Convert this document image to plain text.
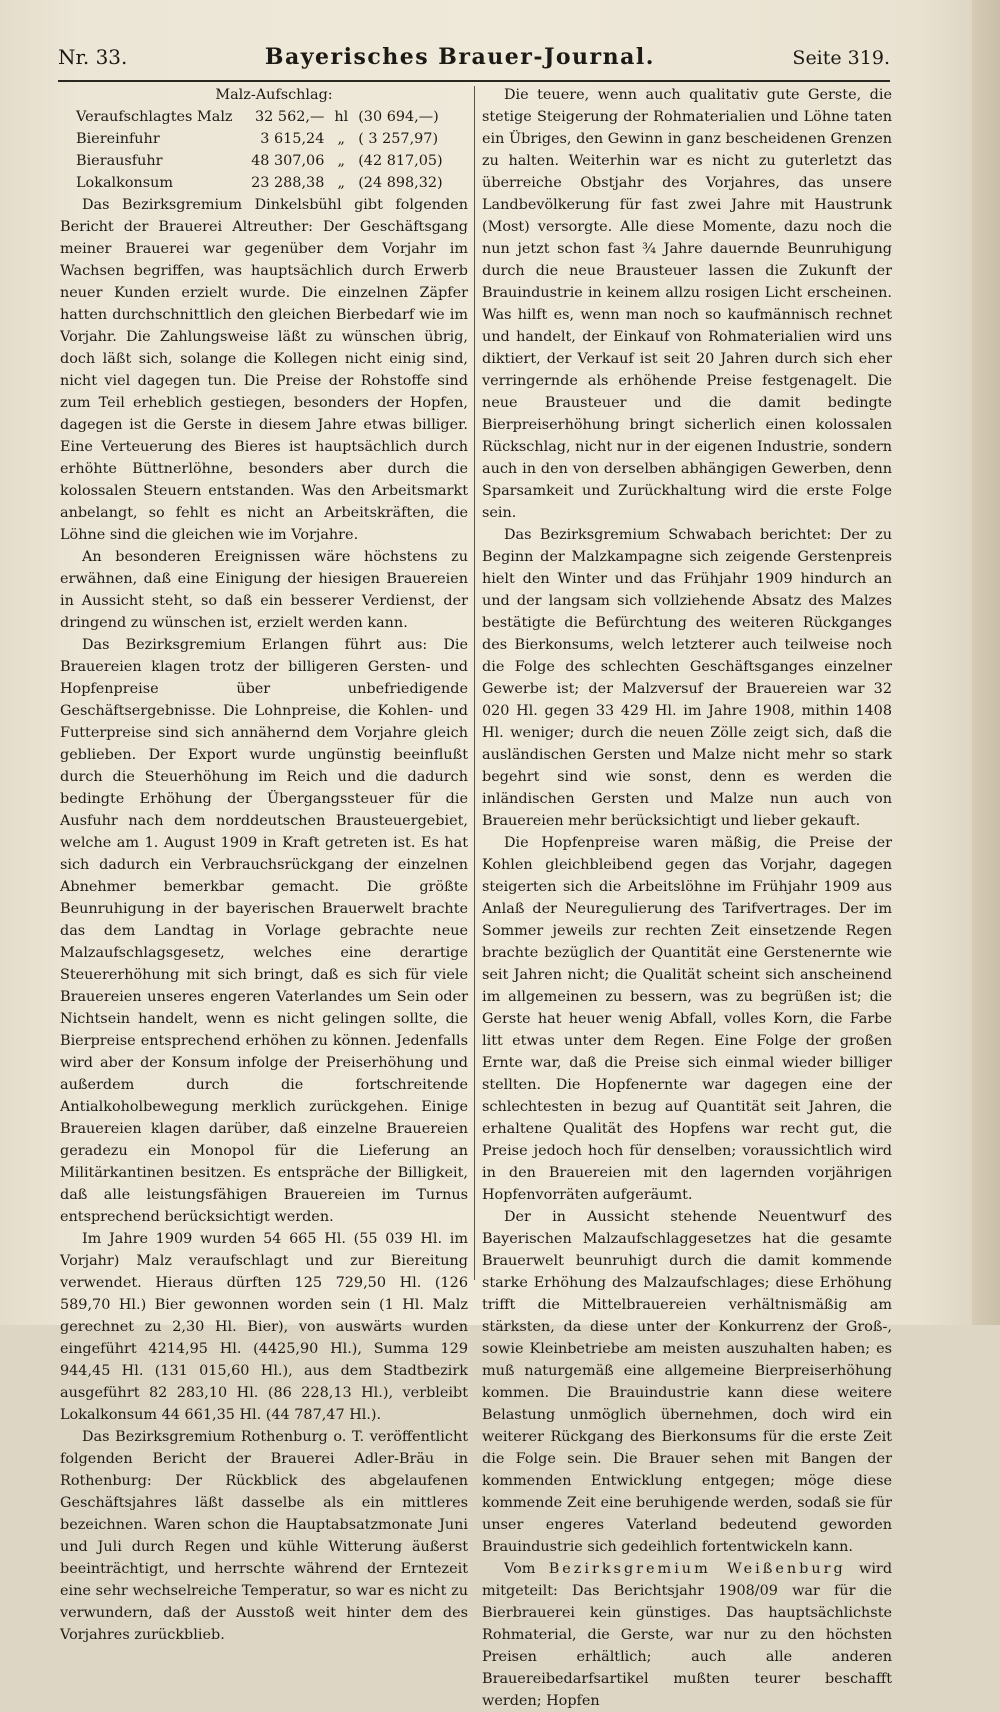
Nr. 33.	Bayerisches Brauer-Journal.	Seite 319.
Malz-Aufschlag:
Veraufschlagtes Malz	32 562,—	hl	(30 694,—)
Biereinfuhr	3 615,24	„	( 3 257,97)
Bierausfuhr	48 307,06	„	(42 817,05)
Lokalkonsum	23 288,38	„	(24 898,32)

Das Bezirksgremium Dinkelsbühl gibt folgenden Bericht der Brauerei Altreuther: Der Geschäftsgang meiner Brauerei war gegenüber dem Vorjahr im Wachsen begriffen, was hauptsächlich durch Erwerb neuer Kunden erzielt wurde. Die einzelnen Zäpfer hatten durchschnittlich den gleichen Bierbedarf wie im Vorjahr. Die Zahlungsweise läßt zu wünschen übrig, doch läßt sich, solange die Kollegen nicht einig sind, nicht viel dagegen tun. Die Preise der Rohstoffe sind zum Teil erheblich gestiegen, besonders der Hopfen, dagegen ist die Gerste in diesem Jahre etwas billiger. Eine Verteuerung des Bieres ist hauptsächlich durch erhöhte Büttnerlöhne, besonders aber durch die kolossalen Steuern entstanden. Was den Arbeitsmarkt anbelangt, so fehlt es nicht an Arbeitskräften, die Löhne sind die gleichen wie im Vorjahre.

An besonderen Ereignissen wäre höchstens zu erwähnen, daß eine Einigung der hiesigen Brauereien in Aussicht steht, so daß ein besserer Verdienst, der dringend zu wünschen ist, erzielt werden kann.

Das Bezirksgremium Erlangen führt aus: Die Brauereien klagen trotz der billigeren Gersten- und Hopfenpreise über unbefriedigende Geschäftsergebnisse. Die Lohnpreise, die Kohlen- und Futterpreise sind sich annähernd dem Vorjahre gleich geblieben. Der Export wurde ungünstig beeinflußt durch die Steuerhöhung im Reich und die dadurch bedingte Erhöhung der Übergangssteuer für die Ausfuhr nach dem norddeutschen Brausteuergebiet, welche am 1. August 1909 in Kraft getreten ist. Es hat sich dadurch ein Verbrauchsrückgang der einzelnen Abnehmer bemerkbar gemacht. Die größte Beunruhigung in der bayerischen Brauerwelt brachte das dem Landtag in Vorlage gebrachte neue Malzaufschlagsgesetz, welches eine derartige Steuererhöhung mit sich bringt, daß es sich für viele Brauereien unseres engeren Vaterlandes um Sein oder Nichtsein handelt, wenn es nicht gelingen sollte, die Bierpreise entsprechend erhöhen zu können. Jedenfalls wird aber der Konsum infolge der Preiserhöhung und außerdem durch die fortschreitende Antialkoholbewegung merklich zurückgehen. Einige Brauereien klagen darüber, daß einzelne Brauereien geradezu ein Monopol für die Lieferung an Militärkantinen besitzen. Es entspräche der Billigkeit, daß alle leistungsfähigen Brauereien im Turnus entsprechend berücksichtigt werden.

Im Jahre 1909 wurden 54 665 Hl. (55 039 Hl. im Vorjahr) Malz veraufschlagt und zur Biereitung verwendet. Hieraus dürften 125 729,50 Hl. (126 589,70 Hl.) Bier gewonnen worden sein (1 Hl. Malz gerechnet zu 2,30 Hl. Bier), von auswärts wurden eingeführt 4214,95 Hl. (4425,90 Hl.), Summa 129 944,45 Hl. (131 015,60 Hl.), aus dem Stadtbezirk ausgeführt 82 283,10 Hl. (86 228,13 Hl.), verbleibt Lokalkonsum 44 661,35 Hl. (44 787,47 Hl.).

Das Bezirksgremium Rothenburg o. T. veröffentlicht folgenden Bericht der Brauerei Adler-Bräu in Rothenburg: Der Rückblick des abgelaufenen Geschäftsjahres läßt dasselbe als ein mittleres bezeichnen. Waren schon die Hauptabsatzmonate Juni und Juli durch Regen und kühle Witterung äußerst beeinträchtigt, und herrschte während der Erntezeit eine sehr wechselreiche Temperatur, so war es nicht zu verwundern, daß der Ausstoß weit hinter dem des Vorjahres zurückblieb.

Die teuere, wenn auch qualitativ gute Gerste, die stetige Steigerung der Rohmaterialien und Löhne taten ein Übriges, den Gewinn in ganz bescheidenen Grenzen zu halten. Weiterhin war es nicht zu guterletzt das überreiche Obstjahr des Vorjahres, das unsere Landbevölkerung für fast zwei Jahre mit Haustrunk (Most) versorgte. Alle diese Momente, dazu noch die nun jetzt schon fast ¾ Jahre dauernde Beunruhigung durch die neue Brausteuer lassen die Zukunft der Brauindustrie in keinem allzu rosigen Licht erscheinen. Was hilft es, wenn man noch so kaufmännisch rechnet und handelt, der Einkauf von Rohmaterialien wird uns diktiert, der Verkauf ist seit 20 Jahren durch sich eher verringernde als erhöhende Preise festgenagelt. Die neue Brausteuer und die damit bedingte Bierpreiserhöhung bringt sicherlich einen kolossalen Rückschlag, nicht nur in der eigenen Industrie, sondern auch in den von derselben abhängigen Gewerben, denn Sparsamkeit und Zurückhaltung wird die erste Folge sein.

Das Bezirksgremium Schwabach berichtet: Der zu Beginn der Malzkampagne sich zeigende Gerstenpreis hielt den Winter und das Frühjahr 1909 hindurch an und der langsam sich vollziehende Absatz des Malzes bestätigte die Befürchtung des weiteren Rückganges des Bierkonsums, welch letzterer auch teilweise noch die Folge des schlechten Geschäftsganges einzelner Gewerbe ist; der Malzversuf der Brauereien war 32 020 Hl. gegen 33 429 Hl. im Jahre 1908, mithin 1408 Hl. weniger; durch die neuen Zölle zeigt sich, daß die ausländischen Gersten und Malze nicht mehr so stark begehrt sind wie sonst, denn es werden die inländischen Gersten und Malze nun auch von Brauereien mehr berücksichtigt und lieber gekauft.

Die Hopfenpreise waren mäßig, die Preise der Kohlen gleichbleibend gegen das Vorjahr, dagegen steigerten sich die Arbeitslöhne im Frühjahr 1909 aus Anlaß der Neuregulierung des Tarifvertrages. Der im Sommer jeweils zur rechten Zeit einsetzende Regen brachte bezüglich der Quantität eine Gerstenernte wie seit Jahren nicht; die Qualität scheint sich anscheinend im allgemeinen zu bessern, was zu begrüßen ist; die Gerste hat heuer wenig Abfall, volles Korn, die Farbe litt etwas unter dem Regen. Eine Folge der großen Ernte war, daß die Preise sich einmal wieder billiger stellten. Die Hopfenernte war dagegen eine der schlechtesten in bezug auf Quantität seit Jahren, die erhaltene Qualität des Hopfens war recht gut, die Preise jedoch hoch für denselben; voraussichtlich wird in den Brauereien mit den lagernden vorjährigen Hopfenvorräten aufgeräumt.

Der in Aussicht stehende Neuentwurf des Bayerischen Malzaufschlaggesetzes hat die gesamte Brauerwelt beunruhigt durch die damit kommende starke Erhöhung des Malzaufschlages; diese Erhöhung trifft die Mittelbrauereien verhältnismäßig am stärksten, da diese unter der Konkurrenz der Groß-, sowie Kleinbetriebe am meisten auszuhalten haben; es muß naturgemäß eine allgemeine Bierpreiserhöhung kommen. Die Brauindustrie kann diese weitere Belastung unmöglich übernehmen, doch wird ein weiterer Rückgang des Bierkonsums für die erste Zeit die Folge sein. Die Brauer sehen mit Bangen der kommenden Entwicklung entgegen; möge diese kommende Zeit eine beruhigende werden, sodaß sie für unser engeres Vaterland bedeutend geworden Brauindustrie sich gedeihlich fortentwickeln kann.

Vom Bezirksgremium Weißenburg wird mitgeteilt: Das Berichtsjahr 1908/09 war für die Bierbrauerei kein günstiges. Das hauptsächlichste Rohmaterial, die Gerste, war nur zu den höchsten Preisen erhältlich; auch alle anderen Brauereibedarfsartikel mußten teurer beschafft werden; Hopfen
